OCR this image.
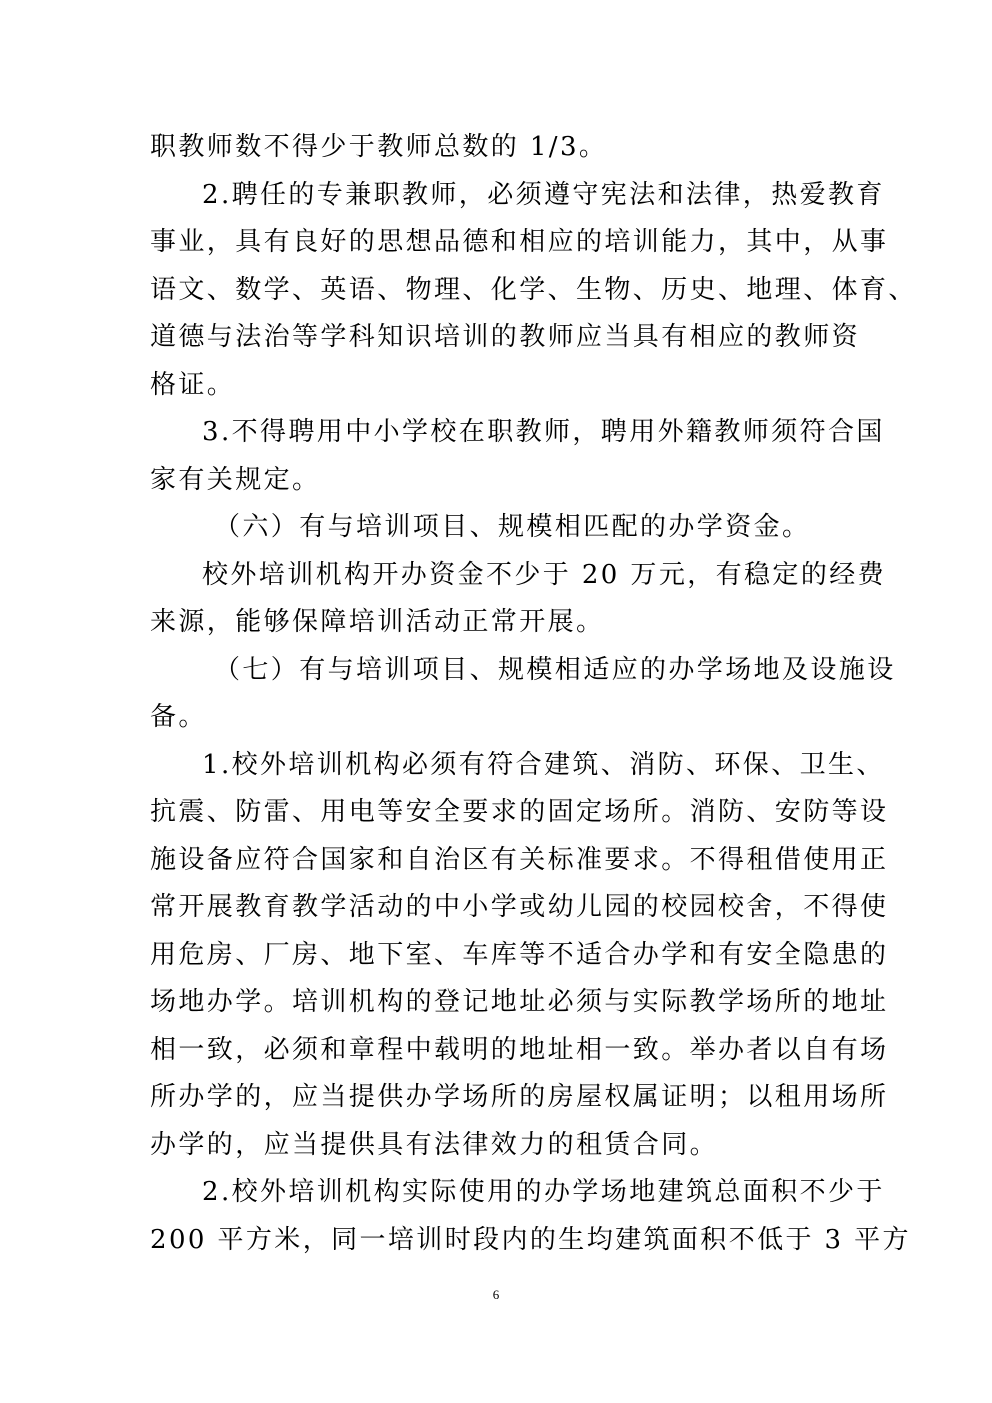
职教师数不得少于教师总数的 1/3。
2.聘任的专兼职教师，必须遵守宪法和法律，热爱教育
事业，具有良好的思想品德和相应的培训能力，其中，从事
语文、数学、英语、物理、化学、生物、历史、地理、体育、
道德与法治等学科知识培训的教师应当具有相应的教师资
格证。
3.不得聘用中小学校在职教师，聘用外籍教师须符合国
家有关规定。
（六）有与培训项目、规模相匹配的办学资金。
校外培训机构开办资金不少于 20 万元，有稳定的经费
来源，能够保障培训活动正常开展。
（七）有与培训项目、规模相适应的办学场地及设施设
备。
1.校外培训机构必须有符合建筑、消防、环保、卫生、
抗震、防雷、用电等安全要求的固定场所。消防、安防等设
施设备应符合国家和自治区有关标准要求。不得租借使用正
常开展教育教学活动的中小学或幼儿园的校园校舍，不得使
用危房、厂房、地下室、车库等不适合办学和有安全隐患的
场地办学。培训机构的登记地址必须与实际教学场所的地址
相一致，必须和章程中载明的地址相一致。举办者以自有场
所办学的，应当提供办学场所的房屋权属证明；以租用场所
办学的，应当提供具有法律效力的租赁合同。
2.校外培训机构实际使用的办学场地建筑总面积不少于
200 平方米，同一培训时段内的生均建筑面积不低于 3 平方
6
